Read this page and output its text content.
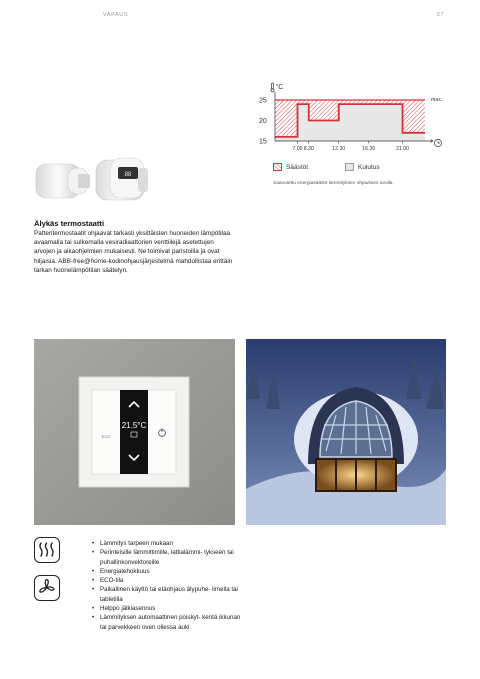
VAPAUS	37
°C
25
20
15
7.00 8.30	12.30	16.30	21.00
max.
Säästöt	Kulutus
Saavutettu energiasäästö lämmityksen ohjauksen avulla.
88
Älykäs termostaatti

Patteritermostaatit ohjaavat tarkasti yksittäisten huoneiden lämpötilaa avaamalla tai sulkemalla vesiradiaattorien venttiilejä asetettujen arvojen ja aikaohjelmien mukaisesti. Ne toimivat paristoilla ja ovat hiljaisia. ABB-free@home-kodinohjausjärjestelmä mahdollistaa erittäin tarkan huonelämpötilan säätelyn.

21.5°C
ECO
• Lämmitys tarpeen mukaan
• Perinteisille lämmittimille, lattialämmi- tykseen tai puhallinkonvektoreille
• Energiatehokkuus
• ECO-tila
• Paikallinen käyttö tai etäohjaus älypuhe- limella tai tabletilla
• Helppo jälkiasennus
• Lämmityksen automaattinen poiskyt- kentä ikkunan tai parvekkeen oven ollessa auki
